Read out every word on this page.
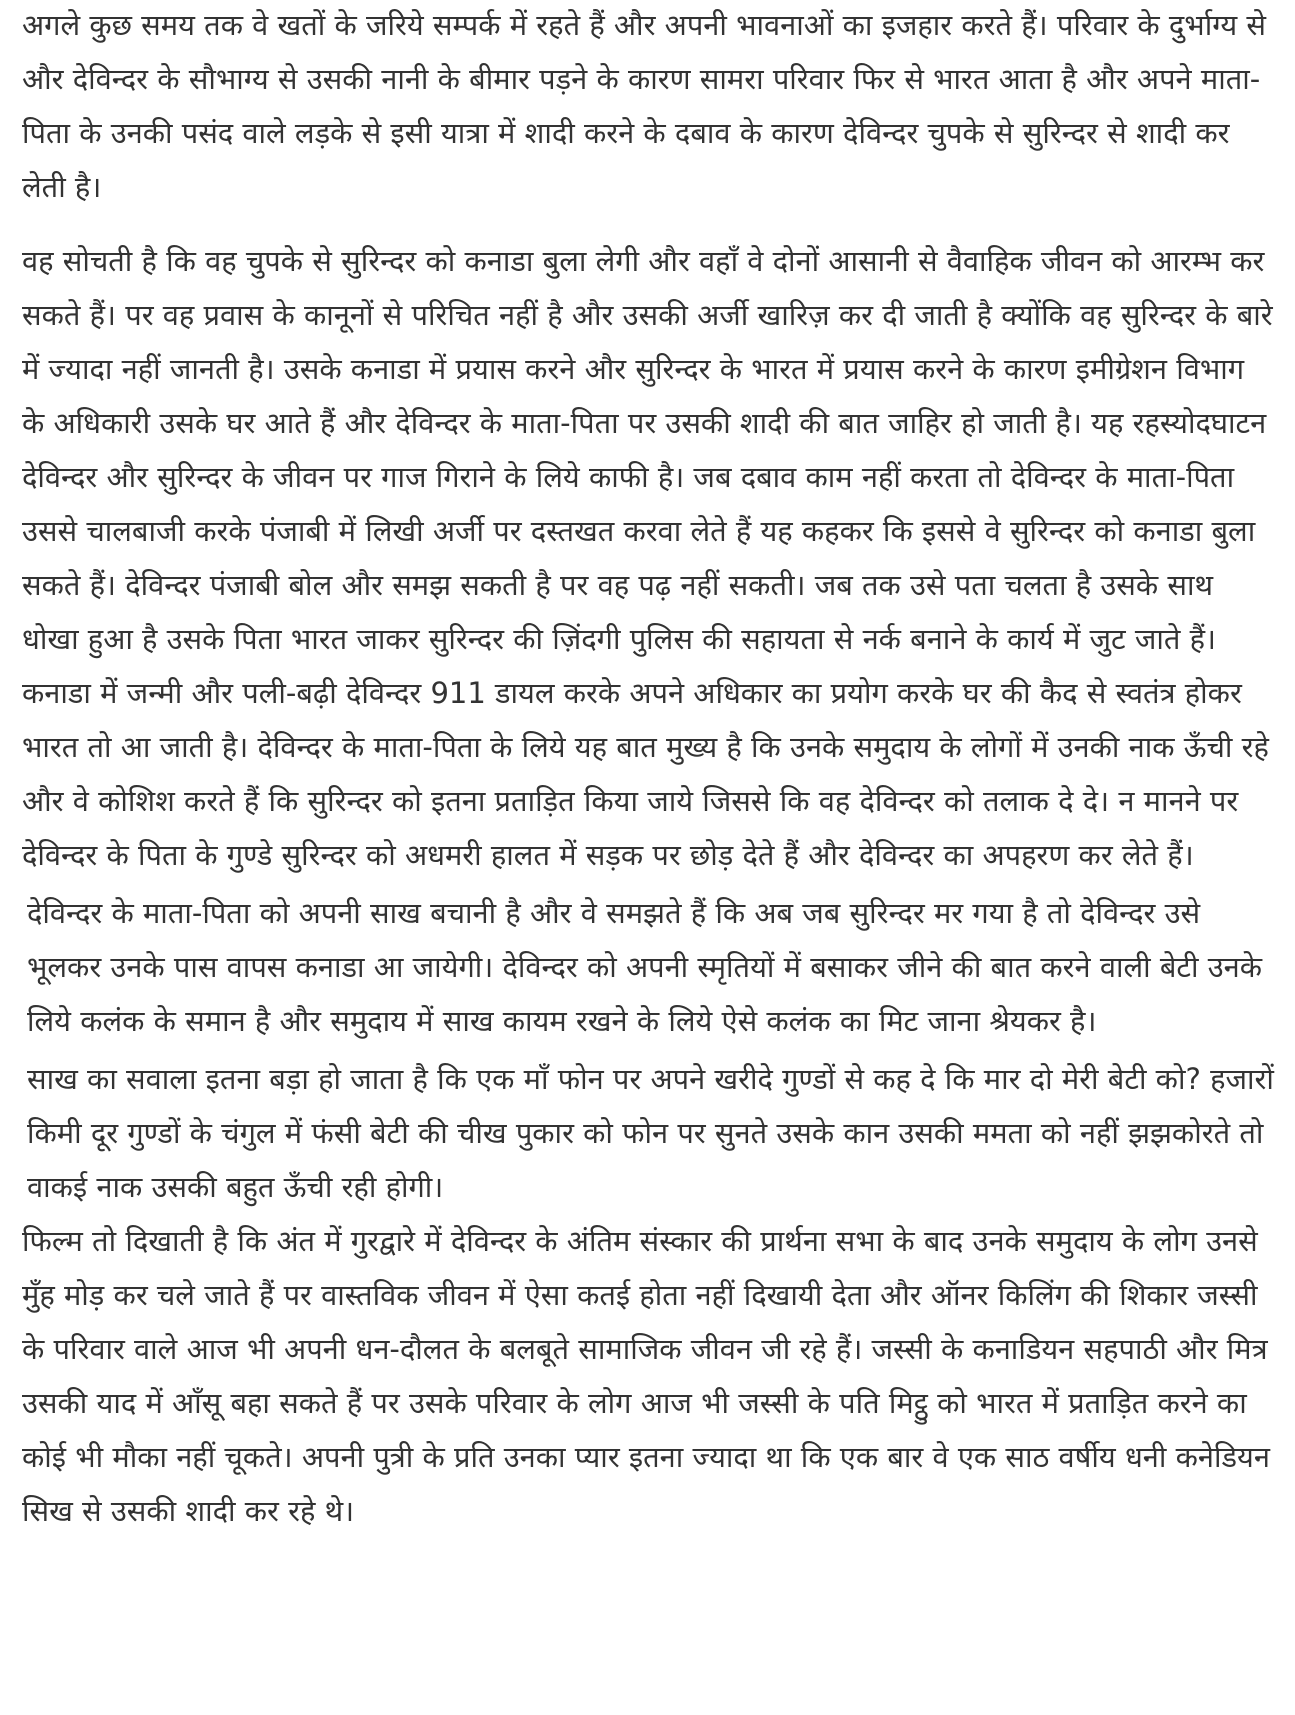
अगले कुछ समय तक वे खतों के जरिये सम्पर्क में रहते हैं और अपनी भावनाओं का इजहार करते हैं। परिवार के दुर्भाग्य से और देविन्दर के सौभाग्य से उसकी नानी के बीमार पड़ने के कारण सामरा परिवार फिर से भारत आता है और अपने माता-पिता के उनकी पसंद वाले लड़के से इसी यात्रा में शादी करने के दबाव के कारण देविन्दर चुपके से सुरिन्दर से शादी कर लेती है।

वह सोचती है कि वह चुपके से सुरिन्दर को कनाडा बुला लेगी और वहाँ वे दोनों आसानी से वैवाहिक जीवन को आरम्भ कर सकते हैं। पर वह प्रवास के कानूनों से परिचित नहीं है और उसकी अर्जी खारिज़ कर दी जाती है क्योंकि वह सुरिन्दर के बारे में ज्यादा नहीं जानती है। उसके कनाडा में प्रयास करने और सुरिन्दर के भारत में प्रयास करने के कारण इमीग्रेशन विभाग के अधिकारी उसके घर आते हैं और देविन्दर के माता-पिता पर उसकी शादी की बात जाहिर हो जाती है। यह रहस्योदघाटन देविन्दर और सुरिन्दर के जीवन पर गाज गिराने के लिये काफी है। जब दबाव काम नहीं करता तो देविन्दर के माता-पिता उससे चालबाजी करके पंजाबी में लिखी अर्जी पर दस्तखत करवा लेते हैं यह कहकर कि इससे वे सुरिन्दर को कनाडा बुला सकते हैं। देविन्दर पंजाबी बोल और समझ सकती है पर वह पढ़ नहीं सकती। जब तक उसे पता चलता है उसके साथ धोखा हुआ है उसके पिता भारत जाकर सुरिन्दर की ज़िंदगी पुलिस की सहायता से नर्क बनाने के कार्य में जुट जाते हैं।

कनाडा में जन्मी और पली-बढ़ी देविन्दर 911 डायल करके अपने अधिकार का प्रयोग करके घर की कैद से स्वतंत्र होकर भारत तो आ जाती है। देविन्दर के माता-पिता के लिये यह बात मुख्य है कि उनके समुदाय के लोगों में उनकी नाक ऊँची रहे और वे कोशिश करते हैं कि सुरिन्दर को इतना प्रताड़ित किया जाये जिससे कि वह देविन्दर को तलाक दे दे। न मानने पर देविन्दर के पिता के गुण्डे सुरिन्दर को अधमरी हालत में सड़क पर छोड़ देते हैं और देविन्दर का अपहरण कर लेते हैं।

देविन्दर के माता-पिता को अपनी साख बचानी है और वे समझते हैं कि अब जब सुरिन्दर मर गया है तो देविन्दर उसे भूलकर उनके पास वापस कनाडा आ जायेगी। देविन्दर को अपनी स्मृतियों में बसाकर जीने की बात करने वाली बेटी उनके लिये कलंक के समान है और समुदाय में साख कायम रखने के लिये ऐसे कलंक का मिट जाना श्रेयकर है।

साख का सवाला इतना बड़ा हो जाता है कि एक माँ फोन पर अपने खरीदे गुण्डों से कह दे कि मार दो मेरी बेटी को? हजारों किमी दूर गुण्डों के चंगुल में फंसी बेटी की चीख पुकार को फोन पर सुनते उसके कान उसकी ममता को नहीं झझकोरते तो वाकई नाक उसकी बहुत ऊँची रही होगी।

फिल्म तो दिखाती है कि अंत में गुरद्वारे में देविन्दर के अंतिम संस्कार की प्रार्थना सभा के बाद उनके समुदाय के लोग उनसे मुँह मोड़ कर चले जाते हैं पर वास्तविक जीवन में ऐसा कतई होता नहीं दिखायी देता और ऑनर किलिंग की शिकार जस्सी के परिवार वाले आज भी अपनी धन-दौलत के बलबूते सामाजिक जीवन जी रहे हैं। जस्सी के कनाडियन सहपाठी और मित्र उसकी याद में आँसू बहा सकते हैं पर उसके परिवार के लोग आज भी जस्सी के पति मिट्ठु को भारत में प्रताड़ित करने का कोई भी मौका नहीं चूकते। अपनी पुत्री के प्रति उनका प्यार इतना ज्यादा था कि एक बार वे एक साठ वर्षीय धनी कनेडियन सिख से उसकी शादी कर रहे थे।
